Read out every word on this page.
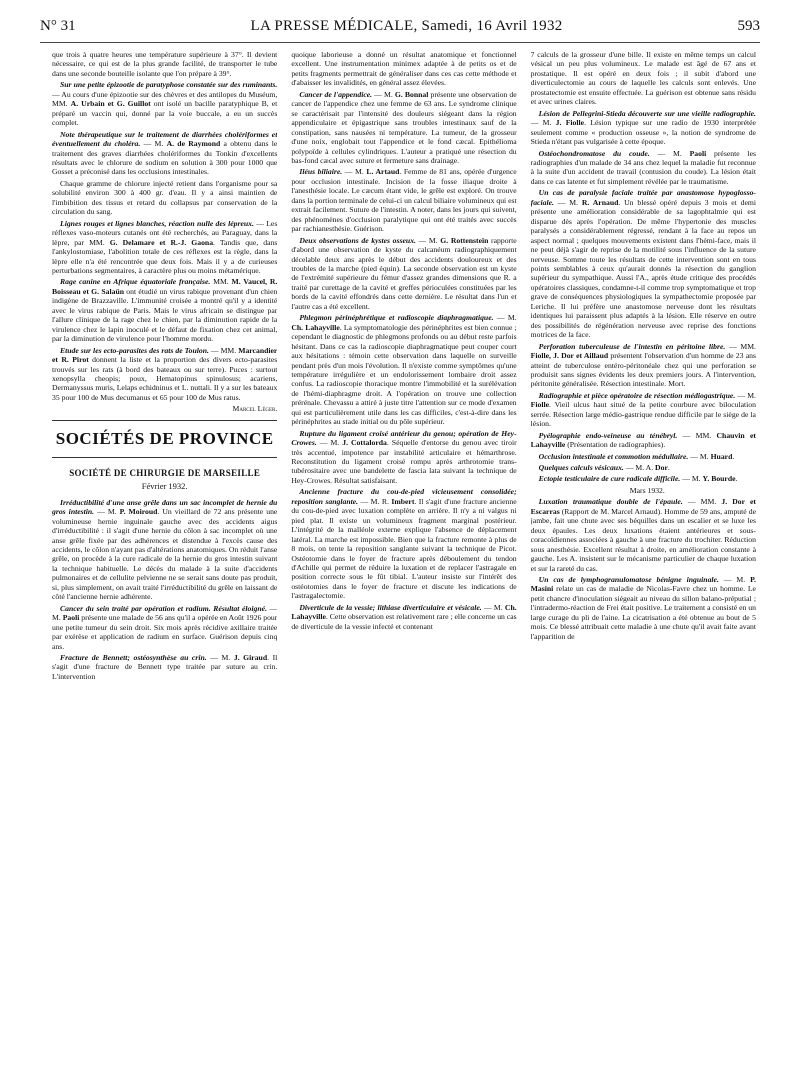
N° 31	LA PRESSE MÉDICALE, Samedi, 16 Avril 1932	593

que trois à quatre heures une température supérieure à 37°. Il devient nécessaire, ce qui est de la plus grande facilité, de transporter le tube dans une seconde bouteille isolante que l'on prépare à 39°.

Sur une petite épizootie de paratyphose constatée sur des ruminants. — Au cours d'une épizootie sur des chèvres et des antilopes du Muséum, MM. A. Urbain et G. Guillot ont isolé un bacille paratyphique B, et préparé un vaccin qui, donné par la voie buccale, a eu un succès complet.

Note thérapeutique sur le traitement de diarrhées cholériformes et éventuellement du choléra. — M. A. de Raymond a obtenu dans le traitement des graves diarrhées cholériformes du Tonkin d'excellents résultats avec le chlorure de sodium en solution à 300 pour 1000 que Gosset a préconisé dans les occlusions intestinales.

Chaque gramme de chlorure injecté retient dans l'organisme pour sa solubilité environ 300 à 400 gr. d'eau. Il y a ainsi maintien de l'imbibition des tissus et retard du collapsus par conservation de la circulation du sang.

Lignes rouges et lignes blanches, réaction nulle des lépreux. — Les réflexes vaso-moteurs cutanés ont été recherchés, au Paraguay, dans la lèpre, par MM. G. Delamare et R.-J. Gaona. Tandis que, dans l'ankylostomiase, l'abolition totale de ces réflexes est la règle, dans la lèpre elle n'a été rencontrée que deux fois. Mais il y a de curieuses perturbations segmentaires, à caractère plus ou moins métamérique.

Rage canine en Afrique équatoriale française. MM. M. Vaucel, R. Boisseau et G. Salaün ont étudié un virus rabique provenant d'un chien indigène de Brazzaville. L'immunité croisée a montré qu'il y a identité avec le virus rabique de Paris. Mais le virus africain se distingue par l'allure clinique de la rage chez le chien, par la diminution rapide de la virulence chez le lapin inoculé et le défaut de fixation chez cet animal, par la diminution de virulence pour l'homme mordu.

Etude sur les ecto-parasites des rats de Toulon. — MM. Marcandier et R. Pirot donnent la liste et la proportion des divers ecto-parasites trouvés sur les rats (à bord des bateaux ou sur terre). Puces : surtout xenopsylla cheopis; poux, Hematopinus spinulosus; acariens, Dermanyssus muris, Lelaps echidninus et L. nuttali. Il y a sur les bateaux 35 pour 100 de Mus decumanus et 65 pour 100 de Mus ratus.

Marcel Léger.

SOCIÉTÉS DE PROVINCE
SOCIÉTÉ DE CHIRURGIE DE MARSEILLE
Février 1932.

Irréductibilité d'une anse grêle dans un sac incomplet de hernie du gros intestin. — M. P. Moiroud. Un vieillard de 72 ans présente une volumineuse hernie inguinale gauche avec des accidents aigus d'irréductibilité : il s'agit d'une hernie du côlon à sac incomplet où une anse grêle fixée par des adhérences et distendue à l'excès cause des accidents, le côlon n'ayant pas d'altérations anatomiques. On réduit l'anse grêle, on procède à la cure radicale de la hernie du gros intestin suivant la technique habituelle. Le décès du malade à la suite d'accidents pulmonaires et de cellulite pelvienne ne se serait sans doute pas produit, si, plus simplement, on avait traité l'irréductibilité du grêle en laissant de côté l'ancienne hernie adhérente.

Cancer du sein traité par opération et radium. Résultat éloigné. — M. Paoli présente une malade de 56 ans qu'il a opérée en Août 1926 pour une petite tumeur du sein droit. Six mois après récidive axillaire traitée par exérèse et application de radium en surface. Guérison depuis cinq ans.

Fracture de Bennett; ostéosynthèse au crin. — M. J. Giraud. Il s'agit d'une fracture de Bennett type traitée par suture au crin. L'intervention

quoique laborieuse a donné un résultat anatomique et fonctionnel excellent. Une instrumentation minimex adaptée à de petits os et de petits fragments permettrait de généraliser dans ces cas cette méthode et d'abaisser les invalidités, en général assez élevées.

Cancer de l'appendice. — M. G. Bonnal présente une observation de cancer de l'appendice chez une femme de 63 ans. Le syndrome clinique se caractérisait par l'intensité des douleurs siégeant dans la région appendiculaire et épigastrique sans troubles intestinaux sauf de la constipation, sans nausées ni température. La tumeur, de la grosseur d'une noix, englobait tout l'appendice et le fond cæcal. Epithélioma polypoïde à cellules cylindriques. L'auteur a pratiqué une résection du bas-fond cæcal avec suture et fermeture sans drainage.

Iléus biliaire. — M. L. Artaud. Femme de 81 ans, opérée d'urgence pour occlusion intestinale. Incision de la fosse iliaque droite à l'anesthésie locale. Le cæcum étant vide, le grêle est exploré. On trouve dans la portion terminale de celui-ci un calcul biliaire volumineux qui est extrait facilement. Suture de l'intestin. A noter, dans les jours qui suivent, des phénomènes d'occlusion paralytique qui ont été traités avec succès par rachianesthésie. Guérison.

Deux observations de kystes osseux. — M. G. Rottenstein rapporte d'abord une observation de kyste du calcanéum radiographiquement décelable deux ans après le début des accidents douloureux et des troubles de la marche (pied équin). La seconde observation est un kyste de l'extrémité supérieure du fémur d'assez grandes dimensions que R. a traité par curettage de la cavité et greffes périoculées constituées par les bords de la cavité effondrés dans cette dernière. Le résultat dans l'un et l'autre cas a été excellent.

Phlegmon périnéphrétique et radioscopie diaphragmatique. — M. Ch. Lahayville. La symptomatologie des périnéphrites est bien connue ; cependant le diagnostic de phlegmons profonds ou au début reste parfois hésitant. Dans ce cas la radioscopie diaphragmatique peut couper court aux hésitations : témoin cette observation dans laquelle on surveille pendant près d'un mois l'évolution. Il n'existe comme symptômes qu'une température irrégulière et un endolorissement lombaire droit assez confus. La radioscopie thoracique montre l'immobilité et la surélévation de l'hémi-diaphragme droit. A l'opération on trouve une collection prérénale. Chevassu a attiré à juste titre l'attention sur ce mode d'examen qui est particulièrement utile dans les cas difficiles, c'est-à-dire dans les périnéphrites au stade initial ou du pôle supérieur.

Rupture du ligament croisé antérieur du genou; opération de Hey-Crowes. — M. J. Cottalorda. Séquelle d'entorse du genou avec tiroir très accentué, impotence par instabilité articulaire et hémarthrose. Reconstitution du ligament croisé rompu après arthrotomie trans-tubérositaire avec une bandelette de fascia lata suivant la technique de Hey-Crowes. Résultat satisfaisant.

Ancienne fracture du cou-de-pied vicieusement consolidée; reposition sanglante. — M. R. Imbert. Il s'agit d'une fracture ancienne du cou-de-pied avec luxation complète en arrière. Il n'y a ni valgus ni pied plat. Il existe un volumineux fragment marginal postérieur. L'intégrité de la malléole externe explique l'absence de déplacement latéral. La marche est impossible. Bien que la fracture remonte à plus de 8 mois, on tente la reposition sanglante suivant la technique de Picot. Ostéotomie dans le foyer de fracture après déboulement du tendon d'Achille qui permet de réduire la luxation et de replacer l'astragale en position correcte sous le fût tibial. L'auteur insiste sur l'intérêt des ostéotomies dans le foyer de fracture et discute les indications de l'astragalectomie.

Diverticule de la vessie; lithiase diverticulaire et vésicale. — M. Ch. Lahayville. Cette observation est relativement rare ; elle concerne un cas de diverticule de la vessie infecté et contenant

7 calculs de la grosseur d'une bille. Il existe en même temps un calcul vésical un peu plus volumineux. Le malade est âgé de 67 ans et prostatique. Il est opéré en deux fois ; il subit d'abord une diverticulectomie au cours de laquelle les calculs sont enlevés. Une prostatectomie est ensuite effectuée. La guérison est obtenue sans résidu et avec urines claires.

Lésion de Pellegrini-Stieda découverte sur une vieille radiographie. — M. J. Fiolle. Lésion typique sur une radio de 1930 interprétée seulement comme « production osseuse », la notion de syndrome de Stieda n'étant pas vulgarisée à cette époque.

Ostéochondromatose du coude. — M. Paoli présente les radiographies d'un malade de 34 ans chez lequel la maladie fut reconnue à la suite d'un accident de travail (contusion du coude). La lésion était dans ce cas latente et fut simplement révélée par le traumatisme.

Un cas de paralysie faciale traitée par anastomose hypoglosso-faciale. — M. R. Arnaud. Un blessé opéré depuis 3 mois et demi présente une amélioration considérable de sa lagophtalmie qui est disparue dès après l'opération. De même l'hypertonie des muscles paralysés a considérablement régressé, rendant à la face au repos un aspect normal ; quelques mouvements existent dans l'hémi-face, mais il ne peut déjà s'agir de reprise de la motilité sous l'influence de la suture nerveuse. Somme toute les résultats de cette intervention sont en tous points semblables à ceux qu'aurait donnés la résection du ganglion supérieur du sympathique. Aussi l'A., après étude critique des procédés opératoires classiques, condamne-t-il comme trop symptomatique et trop grave de conséquences physiologiques la sympathectomie proposée par Leriche. Il lui préfère une anastomose nerveuse dont les résultats identiques lui paraissent plus adaptés à la lésion. Elle réserve en outre des possibilités de régénération nerveuse avec reprise des fonctions motrices de la face.

Perforation tuberculeuse de l'intestin en péritoine libre. — MM. Fiolle, J. Dor et Aillaud présentent l'observation d'un homme de 23 ans atteint de tuberculose entéro-péritonéale chez qui une perforation se produisit sans signes évidents les deux premiers jours. A l'intervention, péritonite généralisée. Résection intestinale. Mort.

Radiographie et pièce opératoire de résection médiogastrique. — M. Fiolle. Vieil ulcus haut situé de la petite courbure avec biloculation serrée. Résection large médio-gastrique rendue difficile par le siège de la lésion.

Pyélographie endo-veineuse au ténébryl. — MM. Chauvin et Lahayville (Présentation de radiographies).

Occlusion intestinale et commotion médullaire. — M. Huard.

Quelques calculs vésicaux. — M. A. Dor.

Ectopie testiculaire de cure radicale difficile. — M. Y. Bourde.

Mars 1932.

Luxation traumatique double de l'épaule. — MM. J. Dor et Escarras (Rapport de M. Marcel Arnaud). Homme de 59 ans, amputé de jambe, fait une chute avec ses béquilles dans un escalier et se luxe les deux épaules. Les deux luxations étaient antérieures et sous-coracoïdiennes associées à gauche à une fracture du trochiter. Réduction sous anesthésie. Excellent résultat à droite, en amélioration constante à gauche. Les A. insistent sur le mécanisme particulier de chaque luxation et sur la rareté du cas.

Un cas de lymphogranulomatose bénigne inguinale. — M. P. Masini relate un cas de maladie de Nicolas-Favre chez un homme. Le petit chancre d'inoculation siégeait au niveau du sillon balano-préputial ; l'intradermo-réaction de Frei était positive. Le traitement a consisté en un large curage du pli de l'aine. La cicatrisation a été obtenue au bout de 5 mois. Ce blessé attribuait cette maladie à une chute qu'il avait faite avant l'apparition de
